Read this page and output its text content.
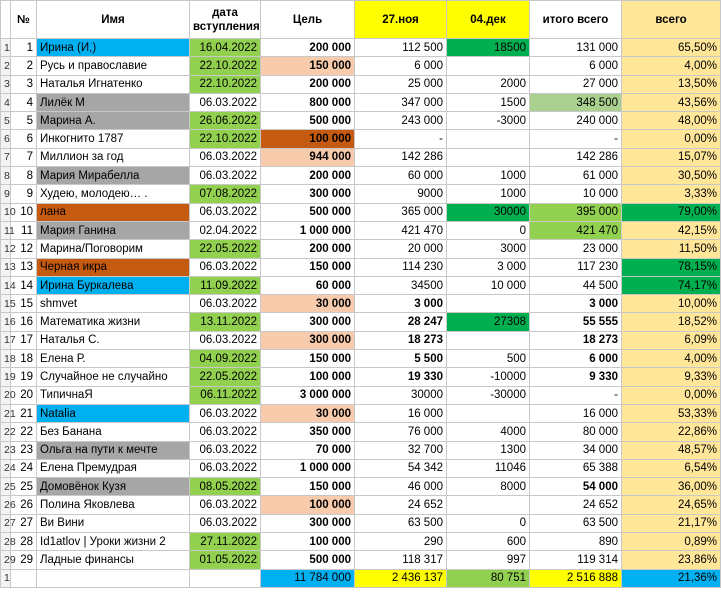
	№	Имя	дата вступления	Цель	27.ноя	04.дек	итого всего	всего
1	1	Ирина (И,)	16.04.2022	200 000	112 500	18500	131 000	65,50%
2	2	Русь и православие	22.10.2022	150 000	6 000		6 000	4,00%
3	3	Наталья Игнатенко	22.10.2022	200 000	25 000	2000	27 000	13,50%
4	4	Лилёк М	06.03.2022	800 000	347 000	1500	348 500	43,56%
5	5	Марина А.	26.06.2022	500 000	243 000	-3000	240 000	48,00%
6	6	Инкогнито 1787	22.10.2022	100 000	-		-	0,00%
7	7	Миллион за год	06.03.2022	944 000	142 286		142 286	15,07%
8	8	Мария Мирабелла	06.03.2022	200 000	60 000	1000	61 000	30,50%
9	9	Худею, молодею… .	07.08.2022	300 000	9000	1000	10 000	3,33%
10	10	лана	06.03.2022	500 000	365 000	30000	395 000	79,00%
11	11	Мария Ганина	02.04.2022	1 000 000	421 470	0	421 470	42,15%
12	12	Марина/Поговорим	22.05.2022	200 000	20 000	3000	23 000	11,50%
13	13	Черная икра	06.03.2022	150 000	114 230	3 000	117 230	78,15%
14	14	Ирина Буркалева	11.09.2022	60 000	34500	10 000	44 500	74,17%
15	15	shmvet	06.03.2022	30 000	3 000		3 000	10,00%
16	16	Математика жизни	13.11.2022	300 000	28 247	27308	55 555	18,52%
17	17	Наталья С.	06.03.2022	300 000	18 273		18 273	6,09%
18	18	Елена Р.	04.09.2022	150 000	5 500	500	6 000	4,00%
19	19	Случайное не случайно	22.05.2022	100 000	19 330	-10000	9 330	9,33%
20	20	ТипичнаЯ	06.11.2022	3 000 000	30000	-30000	-	0,00%
21	21	Natalia	06.03.2022	30 000	16 000		16 000	53,33%
22	22	Без Банана	06.03.2022	350 000	76 000	4000	80 000	22,86%
23	23	Ольга на пути к мечте	06.03.2022	70 000	32 700	1300	34 000	48,57%
24	24	Елена Премудрая	06.03.2022	1 000 000	54 342	11046	65 388	6,54%
25	25	Домовёнок Кузя	08.05.2022	150 000	46 000	8000	54 000	36,00%
26	26	Полина Яковлева	06.03.2022	100 000	24 652		24 652	24,65%
27	27	Ви Вини	06.03.2022	300 000	63 500	0	63 500	21,17%
28	28	Id1atlov | Уроки жизни 2	27.11.2022	100 000	290	600	890	0,89%
29	29	Ладные финансы	01.05.2022	500 000	118 317	997	119 314	23,86%
1				11 784 000	2 436 137	80 751	2 516 888	21,36%
